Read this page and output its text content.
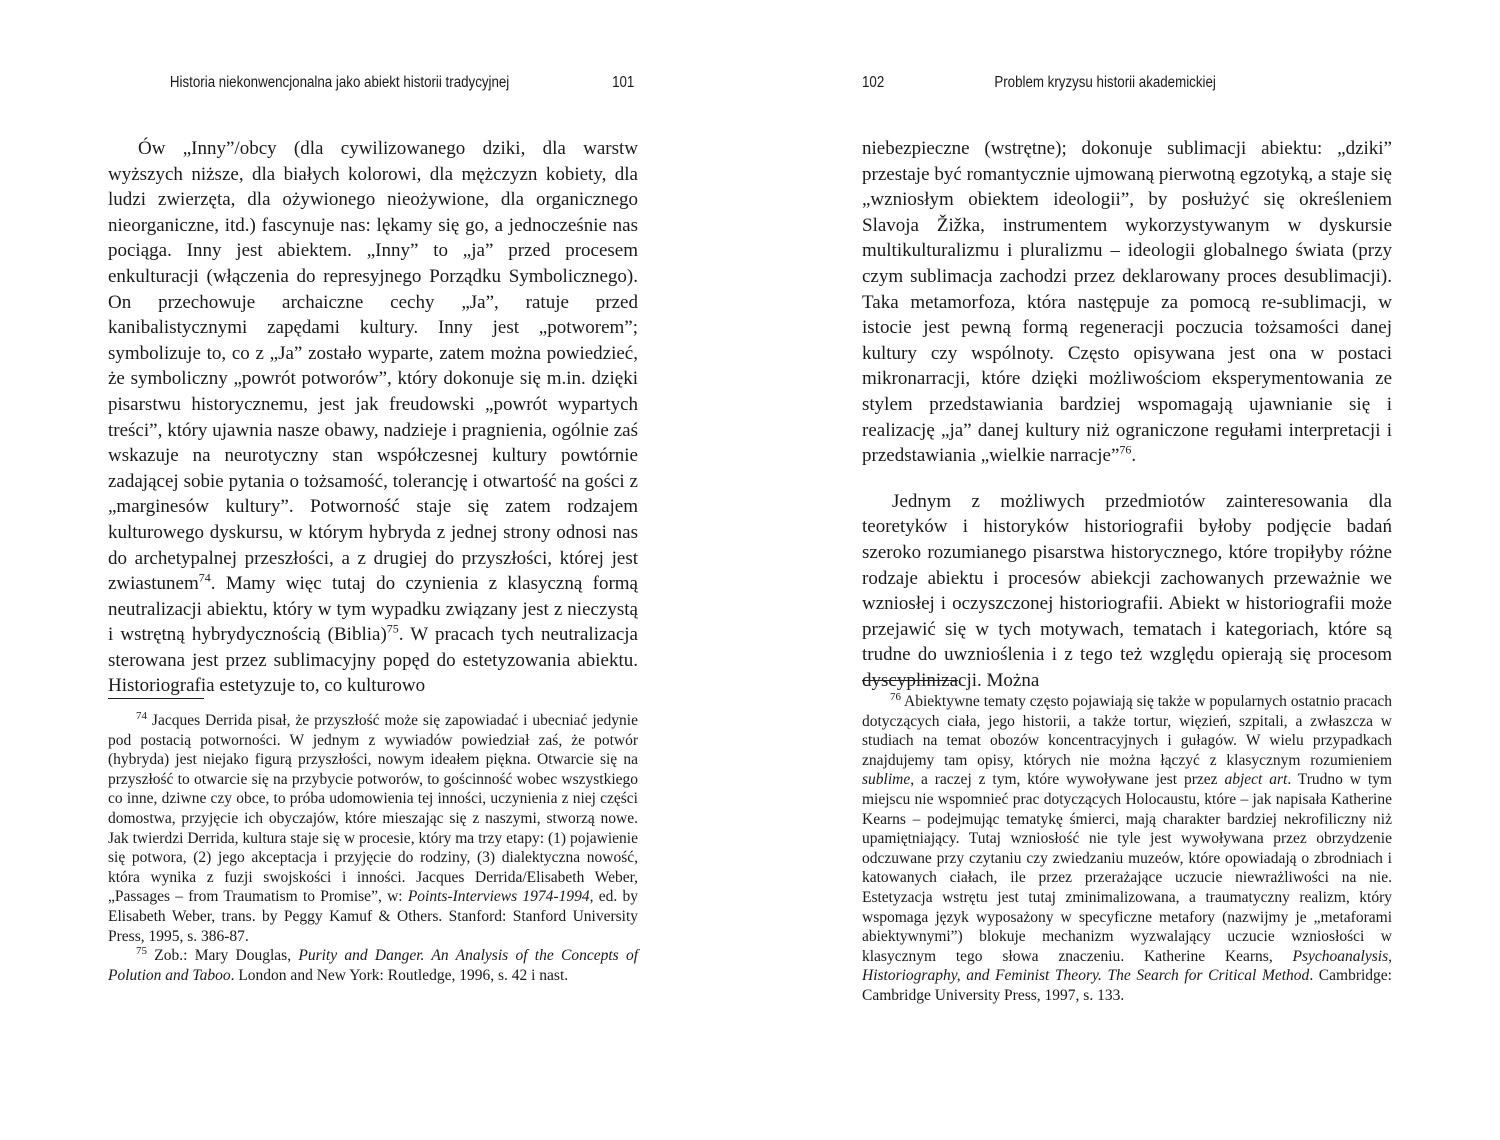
Historia niekonwencjonalna jako abiekt historii tradycyjnej	101

Ów „Inny”/obcy (dla cywilizowanego dziki, dla warstw wyższych niższe, dla białych kolorowi, dla mężczyzn kobiety, dla ludzi zwierzęta, dla ożywionego nieożywione, dla organicznego nieorganiczne, itd.) fascynuje nas: lękamy się go, a jednocześnie nas pociąga. Inny jest abiektem. „Inny” to „ja” przed procesem enkulturacji (włączenia do represyjnego Porządku Symbolicznego). On przechowuje archaiczne cechy „Ja”, ratuje przed kanibalistycznymi zapędami kultury. Inny jest „potworem”; symbolizuje to, co z „Ja” zostało wyparte, zatem można powiedzieć, że symboliczny „powrót potworów”, który dokonuje się m.in. dzięki pisarstwu historycznemu, jest jak freudowski „powrót wypartych treści”, który ujawnia nasze obawy, nadzieje i pragnienia, ogólnie zaś wskazuje na neurotyczny stan współczesnej kultury powtórnie zadającej sobie pytania o tożsamość, tolerancję i otwartość na gości z „marginesów kultury”. Potworność staje się zatem rodzajem kulturowego dyskursu, w którym hybryda z jednej strony odnosi nas do archetypalnej przeszłości, a z drugiej do przyszłości, której jest zwiastunem$^{74}$. Mamy więc tutaj do czynienia z klasyczną formą neutralizacji abiektu, który w tym wypadku związany jest z nieczystą i wstrętną hybrydycznością (Biblia)$^{75}$. W pracach tych neutralizacja sterowana jest przez sublimacyjny popęd do estetyzowania abiektu. Historiografia estetyzuje to, co kulturowo

$^{74}$ Jacques Derrida pisał, że przyszłość może się zapowiadać i ubecniać jedynie pod postacią potworności. W jednym z wywiadów powiedział zaś, że potwór (hybryda) jest niejako figurą przyszłości, nowym ideałem piękna. Otwarcie się na przyszłość to otwarcie się na przybycie potworów, to gościnność wobec wszystkiego co inne, dziwne czy obce, to próba udomowienia tej inności, uczynienia z niej części domostwa, przyjęcie ich obyczajów, które mieszając się z naszymi, stworzą nowe. Jak twierdzi Derrida, kultura staje się w procesie, który ma trzy etapy: (1) pojawienie się potwora, (2) jego akceptacja i przyjęcie do rodziny, (3) dialektyczna nowość, która wynika z fuzji swojskości i inności. Jacques Derrida/Elisabeth Weber, „Passages – from Traumatism to Promise”, w: Points-Interviews 1974-1994, ed. by Elisabeth Weber, trans. by Peggy Kamuf & Others. Stanford: Stanford University Press, 1995, s. 386-87.

$^{75}$ Zob.: Mary Douglas, Purity and Danger. An Analysis of the Concepts of Polution and Taboo. London and New York: Routledge, 1996, s. 42 i nast.

102	Problem kryzysu historii akademickiej

niebezpieczne (wstrętne); dokonuje sublimacji abiektu: „dziki” przestaje być romantycznie ujmowaną pierwotną egzotyką, a staje się „wzniosłym obiektem ideologii”, by posłużyć się określeniem Slavoja Žižka, instrumentem wykorzystywanym w dyskursie multikulturalizmu i pluralizmu – ideologii globalnego świata (przy czym sublimacja zachodzi przez deklarowany proces desublimacji). Taka metamorfoza, która następuje za pomocą re-sublimacji, w istocie jest pewną formą regeneracji poczucia tożsamości danej kultury czy wspólnoty. Często opisywana jest ona w postaci mikronarracji, które dzięki możliwościom eksperymentowania ze stylem przedstawiania bardziej wspomagają ujawnianie się i realizację „ja” danej kultury niż ograniczone regułami interpretacji i przedstawiania „wielkie narracje”$^{76}$.

Jednym z możliwych przedmiotów zainteresowania dla teoretyków i historyków historiografii byłoby podjęcie badań szeroko rozumianego pisarstwa historycznego, które tropiłyby różne rodzaje abiektu i procesów abiekcji zachowanych przeważnie we wzniosłej i oczyszczonej historiografii. Abiekt w historiografii może przejawić się w tych motywach, tematach i kategoriach, które są trudne do uwznioślenia i z tego też względu opierają się procesom dyscyplinizacji. Można

$^{76}$ Abiektywne tematy często pojawiają się także w popularnych ostatnio pracach dotyczących ciała, jego historii, a także tortur, więzień, szpitali, a zwłaszcza w studiach na temat obozów koncentracyjnych i gułagów. W wielu przypadkach znajdujemy tam opisy, których nie można łączyć z klasycznym rozumieniem sublime, a raczej z tym, które wywoływane jest przez abject art. Trudno w tym miejscu nie wspomnieć prac dotyczących Holocaustu, które – jak napisała Katherine Kearns – podejmując tematykę śmierci, mają charakter bardziej nekrofiliczny niż upamiętniający. Tutaj wzniosłość nie tyle jest wywoływana przez obrzydzenie odczuwane przy czytaniu czy zwiedzaniu muzeów, które opowiadają o zbrodniach i katowanych ciałach, ile przez przerażające uczucie niewrażliwości na nie. Estetyzacja wstrętu jest tutaj zminimalizowana, a traumatyczny realizm, który wspomaga język wyposażony w specyficzne metafory (nazwijmy je „metaforami abiektywnymi”) blokuje mechanizm wyzwalający uczucie wzniosłości w klasycznym tego słowa znaczeniu. Katherine Kearns, Psychoanalysis, Historiography, and Feminist Theory. The Search for Critical Method. Cambridge: Cambridge University Press, 1997, s. 133.
